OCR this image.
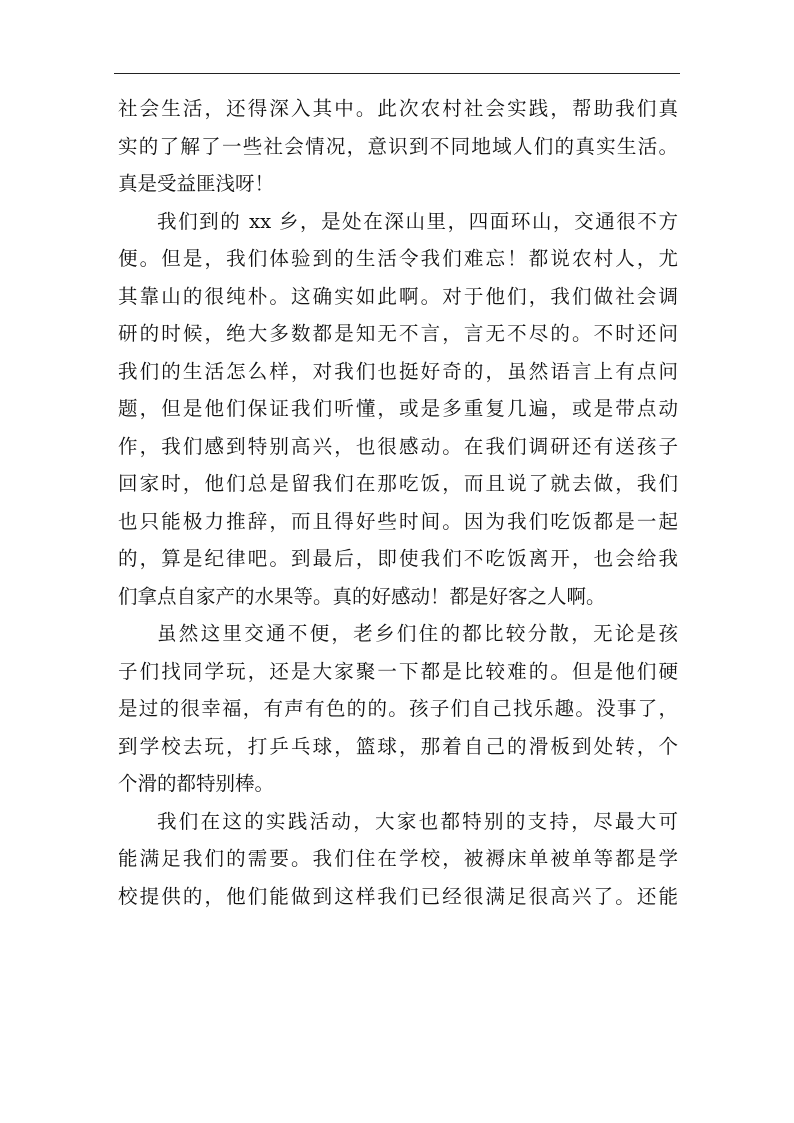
社会生活，还得深入其中。此次农村社会实践，帮助我们真
实的了解了一些社会情况，意识到不同地域人们的真实生活。
真是受益匪浅呀！
我们到的 xx 乡，是处在深山里，四面环山，交通很不方
便。但是，我们体验到的生活令我们难忘！都说农村人，尤
其靠山的很纯朴。这确实如此啊。对于他们，我们做社会调
研的时候，绝大多数都是知无不言，言无不尽的。不时还问
我们的生活怎么样，对我们也挺好奇的，虽然语言上有点问
题，但是他们保证我们听懂，或是多重复几遍，或是带点动
作，我们感到特别高兴，也很感动。在我们调研还有送孩子
回家时，他们总是留我们在那吃饭，而且说了就去做，我们
也只能极力推辞，而且得好些时间。因为我们吃饭都是一起
的，算是纪律吧。到最后，即使我们不吃饭离开，也会给我
们拿点自家产的水果等。真的好感动！都是好客之人啊。
虽然这里交通不便，老乡们住的都比较分散，无论是孩
子们找同学玩，还是大家聚一下都是比较难的。但是他们硬
是过的很幸福，有声有色的的。孩子们自己找乐趣。没事了，
到学校去玩，打乒乓球，篮球，那着自己的滑板到处转，个
个滑的都特别棒。
我们在这的实践活动，大家也都特别的支持，尽最大可
能满足我们的需要。我们住在学校，被褥床单被单等都是学
校提供的，他们能做到这样我们已经很满足很高兴了。还能
